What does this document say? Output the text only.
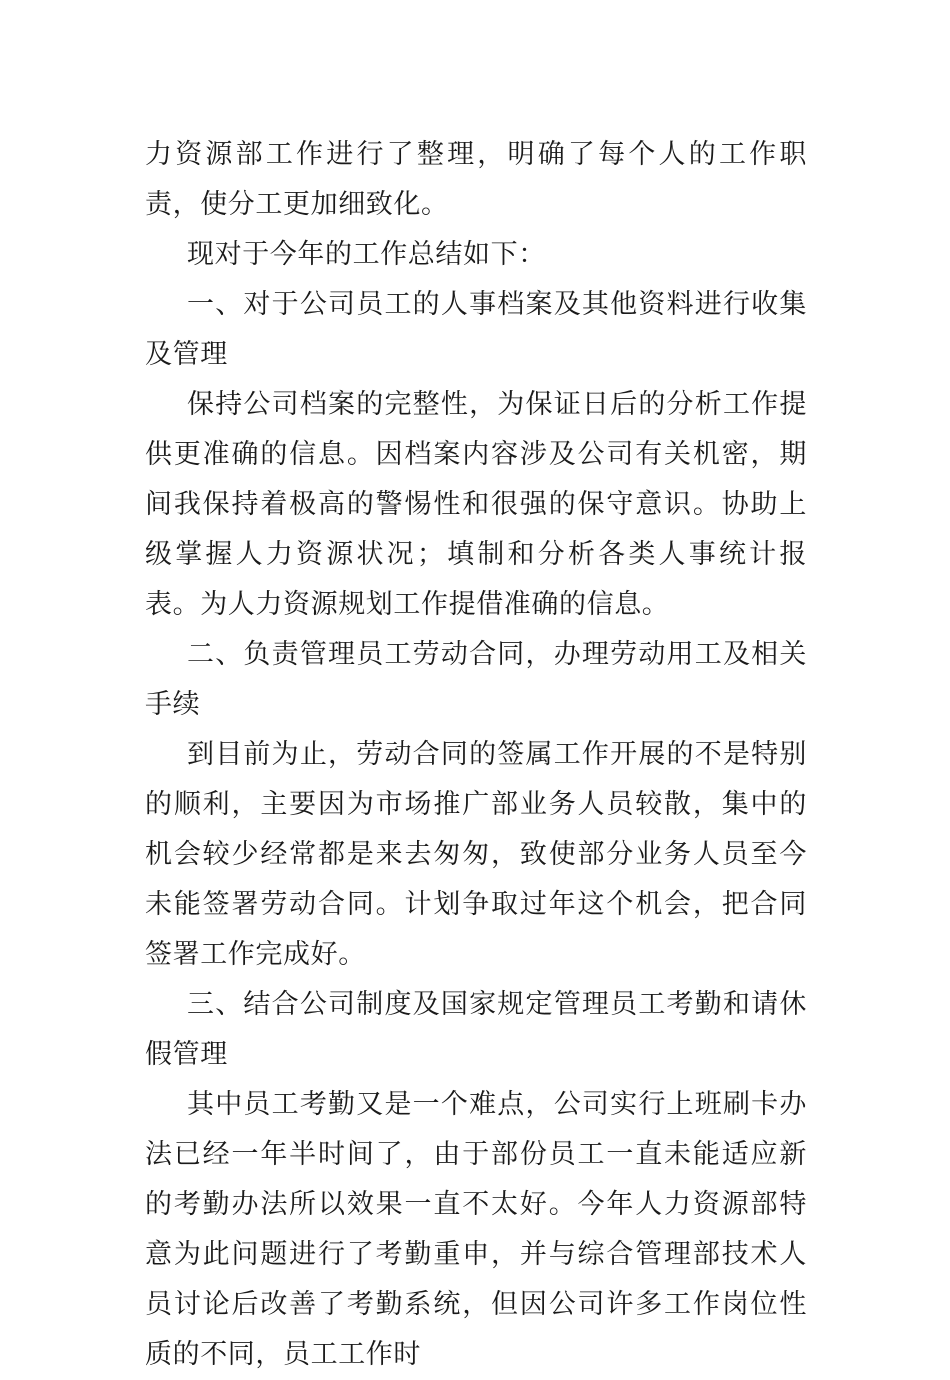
力资源部工作进行了整理，明确了每个人的工作职责，使分工更加细致化。

现对于今年的工作总结如下：

一、对于公司员工的人事档案及其他资料进行收集及管理

保持公司档案的完整性，为保证日后的分析工作提供更准确的信息。因档案内容涉及公司有关机密，期间我保持着极高的警惕性和很强的保守意识。协助上级掌握人力资源状况；填制和分析各类人事统计报表。为人力资源规划工作提借准确的信息。

二、负责管理员工劳动合同，办理劳动用工及相关手续

到目前为止，劳动合同的签属工作开展的不是特别的顺利，主要因为市场推广部业务人员较散，集中的机会较少经常都是来去匆匆，致使部分业务人员至今未能签署劳动合同。计划争取过年这个机会，把合同签署工作完成好。

三、结合公司制度及国家规定管理员工考勤和请休假管理

其中员工考勤又是一个难点，公司实行上班刷卡办法已经一年半时间了，由于部份员工一直未能适应新的考勤办法所以效果一直不太好。今年人力资源部特意为此问题进行了考勤重申，并与综合管理部技术人员讨论后改善了考勤系统，但因公司许多工作岗位性质的不同，员工工作时
